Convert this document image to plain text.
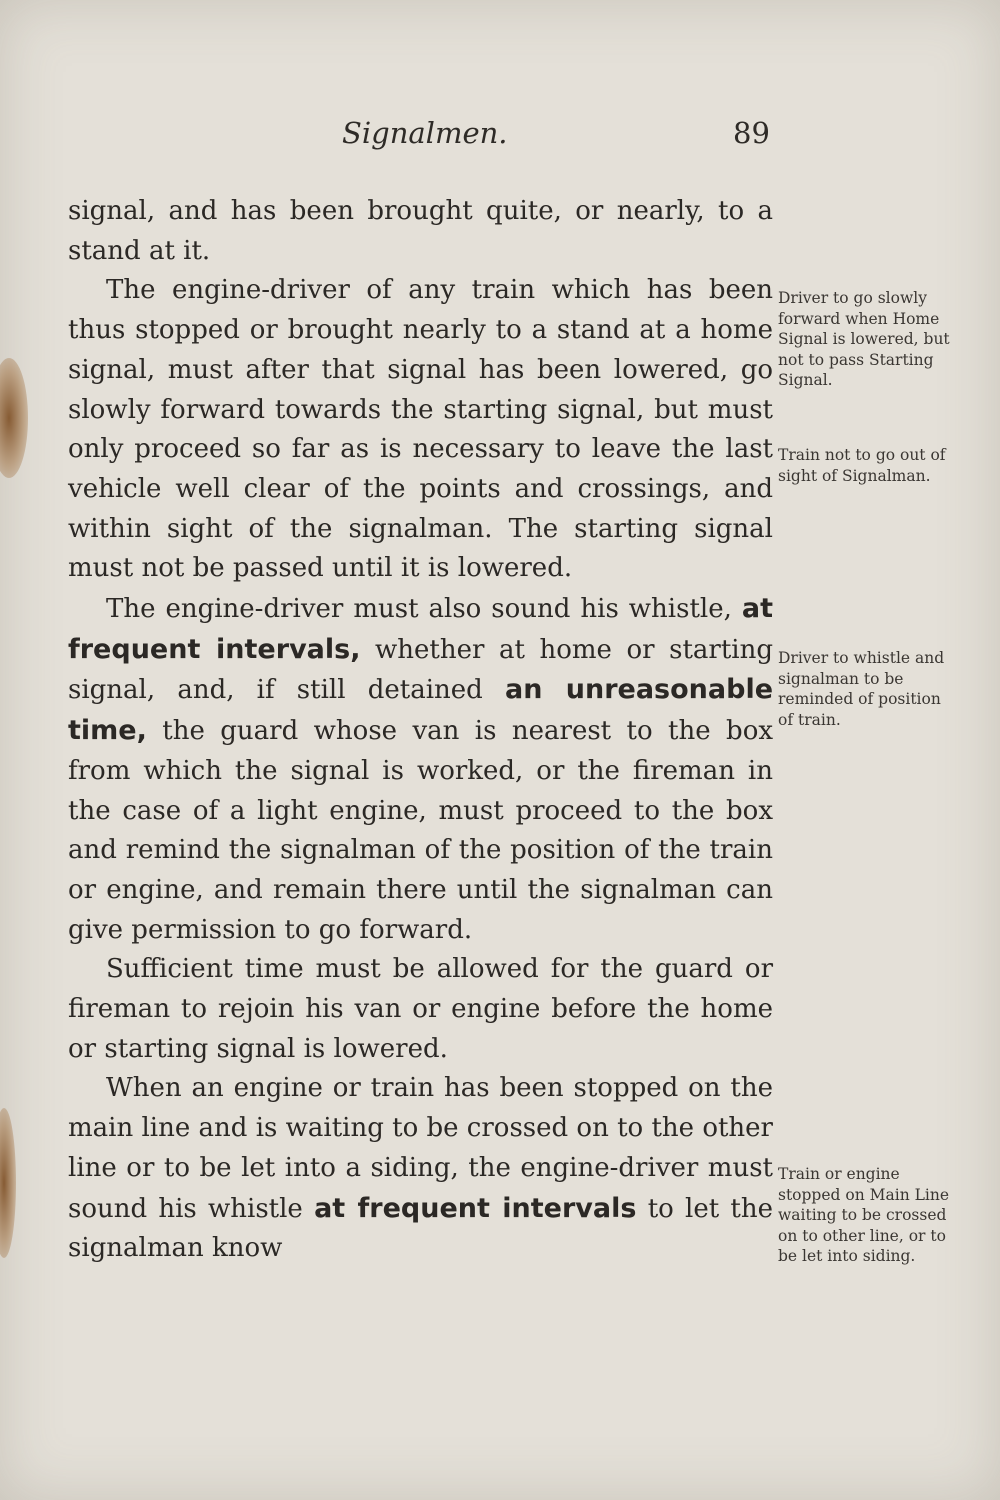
Signalmen.	89

signal, and has been brought quite, or nearly, to a stand at it.

The engine-driver of any train which has been thus stopped or brought nearly to a stand at a home signal, must after that signal has been lowered, go slowly forward towards the starting signal, but must only proceed so far as is necessary to leave the last vehicle well clear of the points and crossings, and within sight of the signalman. The starting signal must not be passed until it is lowered.

The engine-driver must also sound his whistle, at frequent intervals, whether at home or starting signal, and, if still detained an unreasonable time, the guard whose van is nearest to the box from which the signal is worked, or the fireman in the case of a light engine, must proceed to the box and remind the signalman of the position of the train or engine, and remain there until the signalman can give permission to go forward.

Sufficient time must be allowed for the guard or fireman to rejoin his van or engine before the home or starting signal is lowered.

When an engine or train has been stopped on the main line and is waiting to be crossed on to the other line or to be let into a siding, the engine-driver must sound his whistle at frequent intervals to let the signalman know

Driver to go slowly forward when Home Signal is lowered, but not to pass Starting Signal.
Train not to go out of sight of Signalman.
Driver to whistle and signalman to be reminded of position of train.
Train or engine stopped on Main Line waiting to be crossed on to other line, or to be let into siding.
